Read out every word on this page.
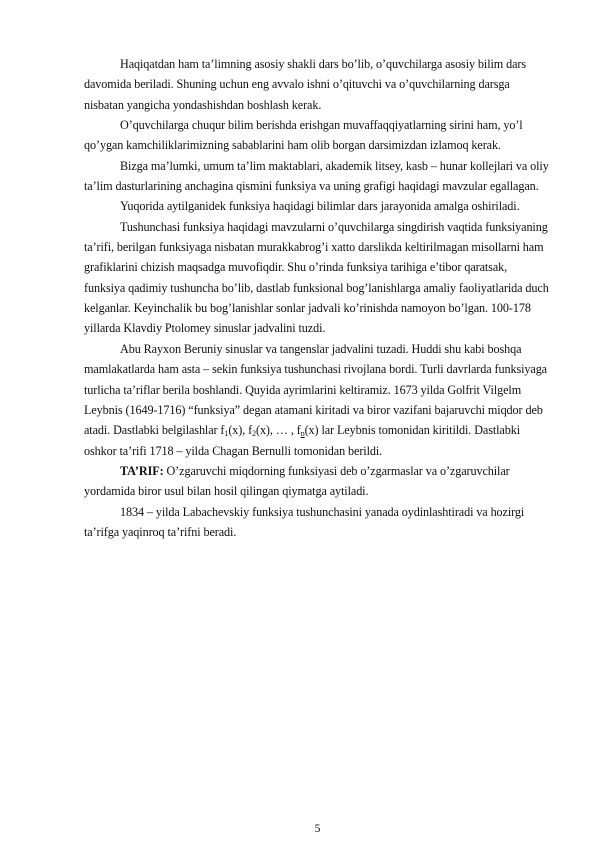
Haqiqatdan ham ta’limning asosiy shakli dars bo’lib, o’quvchilarga asosiy bilim dars davomida beriladi. Shuning uchun eng avvalo ishni o’qituvchi va o’quvchilarning darsga nisbatan yangicha yondashishdan boshlash kerak.

O’quvchilarga chuqur bilim berishda erishgan muvaffaqqiyatlarning sirini ham, yo’l qo’ygan kamchiliklarimizning sabablarini ham olib borgan darsimizdan izlamoq kerak.

Bizga ma’lumki, umum ta’lim maktablari, akademik litsey, kasb – hunar kollejlari va oliy ta’lim dasturlarining anchagina qismini funksiya va uning grafigi haqidagi mavzular egallagan.

Yuqorida aytilganidek funksiya haqidagi bilimlar dars jarayonida amalga oshiriladi.

Tushunchasi funksiya haqidagi mavzularni o’quvchilarga singdirish vaqtida funksiyaning ta’rifi, berilgan funksiyaga nisbatan murakkabrog’i xatto darslikda keltirilmagan misollarni ham grafiklarini chizish maqsadga muvofiqdir. Shu o’rinda funksiya tarihiga e’tibor qaratsak, funksiya qadimiy tushuncha bo’lib, dastlab funksional bog’lanishlarga amaliy faoliyatlarida duch kelganlar. Keyinchalik bu bog’lanishlar sonlar jadvali ko’rinishda namoyon bo’lgan. 100-178 yillarda Klavdiy Ptolomey sinuslar jadvalini tuzdi.

Abu Rayxon Beruniy sinuslar va tangenslar jadvalini tuzadi. Huddi shu kabi boshqa mamlakatlarda ham asta – sekin funksiya tushunchasi rivojlana bordi. Turli davrlarda funksiyaga turlicha ta’riflar berila boshlandi. Quyida ayrimlarini keltiramiz. 1673 yilda Golfrit Vilgelm Leybnis (1649-1716) “funksiya” degan atamani kiritadi va biror vazifani bajaruvchi miqdor deb atadi. Dastlabki belgilashlar $f_1(x)$, $f_2(x)$, … , $f_n(x)$ lar Leybnis tomonidan kiritildi. Dastlabki oshkor ta’rifi 1718 – yilda Chagan Bernulli tomonidan berildi.

TA’RIF: O’zgaruvchi miqdorning funksiyasi deb o’zgarmaslar va o’zgaruvchilar yordamida biror usul bilan hosil qilingan qiymatga aytiladi.

1834 – yilda Labachevskiy funksiya tushunchasini yanada oydinlashtiradi va hozirgi ta’rifga yaqinroq ta’rifni beradi.

5
